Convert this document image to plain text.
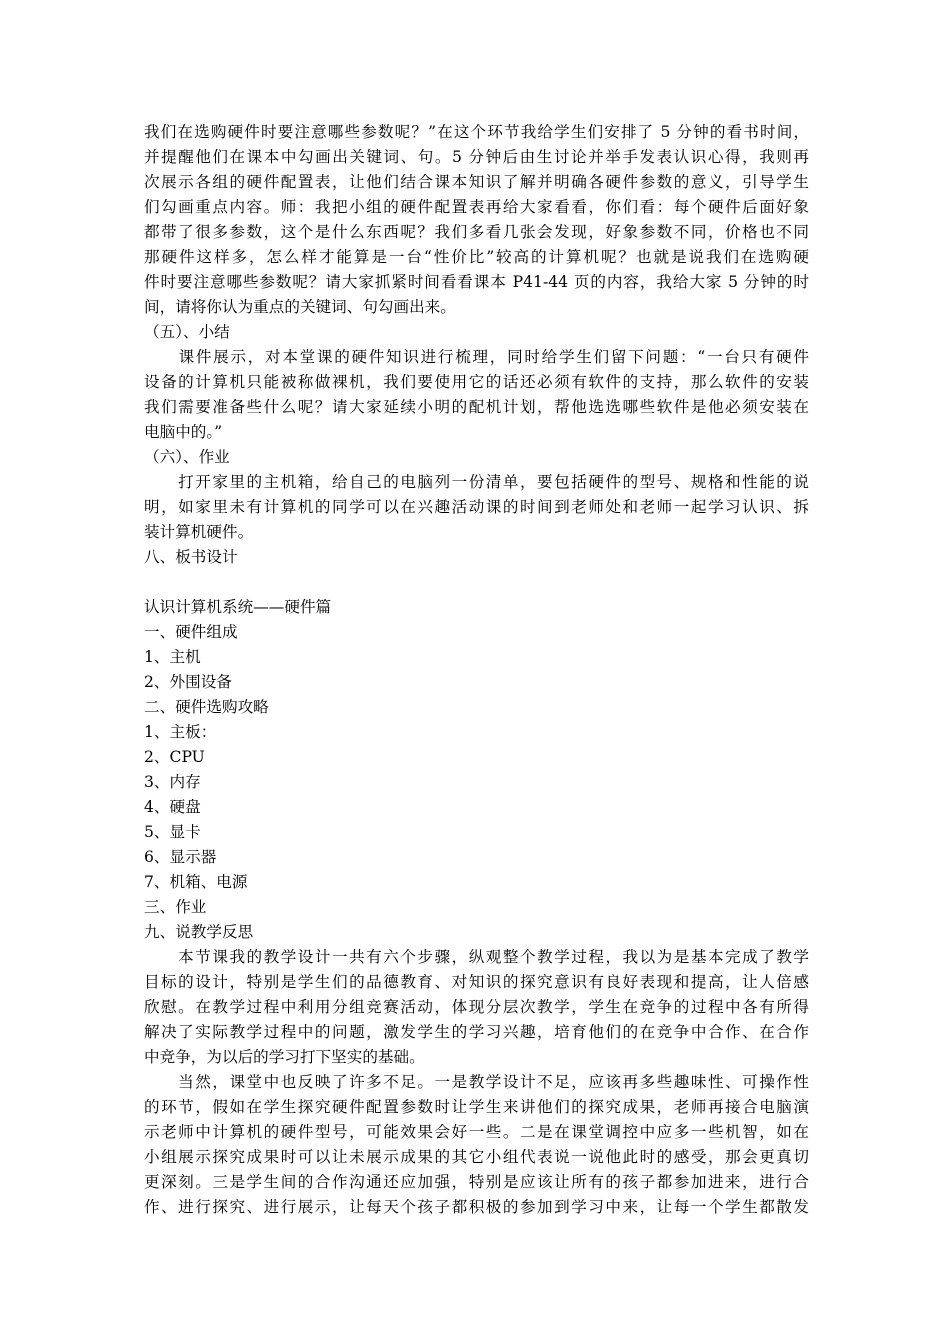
我们在选购硬件时要注意哪些参数呢？”在这个环节我给学生们安排了 5 分钟的看书时间，
并提醒他们在课本中勾画出关键词、句。5 分钟后由生讨论并举手发表认识心得，我则再
次展示各组的硬件配置表，让他们结合课本知识了解并明确各硬件参数的意义，引导学生
们勾画重点内容。师：我把小组的硬件配置表再给大家看看，你们看：每个硬件后面好象
都带了很多参数，这个是什么东西呢？我们多看几张会发现，好象参数不同，价格也不同
那硬件这样多，怎么样才能算是一台“性价比”较高的计算机呢？也就是说我们在选购硬
件时要注意哪些参数呢？请大家抓紧时间看看课本 P41-44 页的内容，我给大家 5 分钟的时
间，请将你认为重点的关键词、句勾画出来。
（五）、小结
　　课件展示，对本堂课的硬件知识进行梳理，同时给学生们留下问题：“一台只有硬件
设备的计算机只能被称做裸机，我们要使用它的话还必须有软件的支持，那么软件的安装
我们需要准备些什么呢？请大家延续小明的配机计划，帮他选选哪些软件是他必须安装在
电脑中的。”
（六）、作业
　　打开家里的主机箱，给自己的电脑列一份清单，要包括硬件的型号、规格和性能的说
明，如家里未有计算机的同学可以在兴趣活动课的时间到老师处和老师一起学习认识、拆
装计算机硬件。
八、板书设计
认识计算机系统——硬件篇
一、硬件组成
1、主机
2、外围设备
二、硬件选购攻略
1、主板：
2、CPU
3、内存
4、硬盘
5、显卡
6、显示器
7、机箱、电源
三、作业
九、说教学反思
　　本节课我的教学设计一共有六个步骤，纵观整个教学过程，我以为是基本完成了教学
目标的设计，特别是学生们的品德教育、对知识的探究意识有良好表现和提高，让人倍感
欣慰。在教学过程中利用分组竞赛活动，体现分层次教学，学生在竞争的过程中各有所得
解决了实际教学过程中的问题，激发学生的学习兴趣，培育他们的在竞争中合作、在合作
中竞争，为以后的学习打下坚实的基础。
　　当然，课堂中也反映了许多不足。一是教学设计不足，应该再多些趣味性、可操作性
的环节，假如在学生探究硬件配置参数时让学生来讲他们的探究成果，老师再接合电脑演
示老师中计算机的硬件型号，可能效果会好一些。二是在课堂调控中应多一些机智，如在
小组展示探究成果时可以让未展示成果的其它小组代表说一说他此时的感受，那会更真切
更深刻。三是学生间的合作沟通还应加强，特别是应该让所有的孩子都参加进来，进行合
作、进行探究、进行展示，让每天个孩子都积极的参加到学习中来，让每一个学生都散发
